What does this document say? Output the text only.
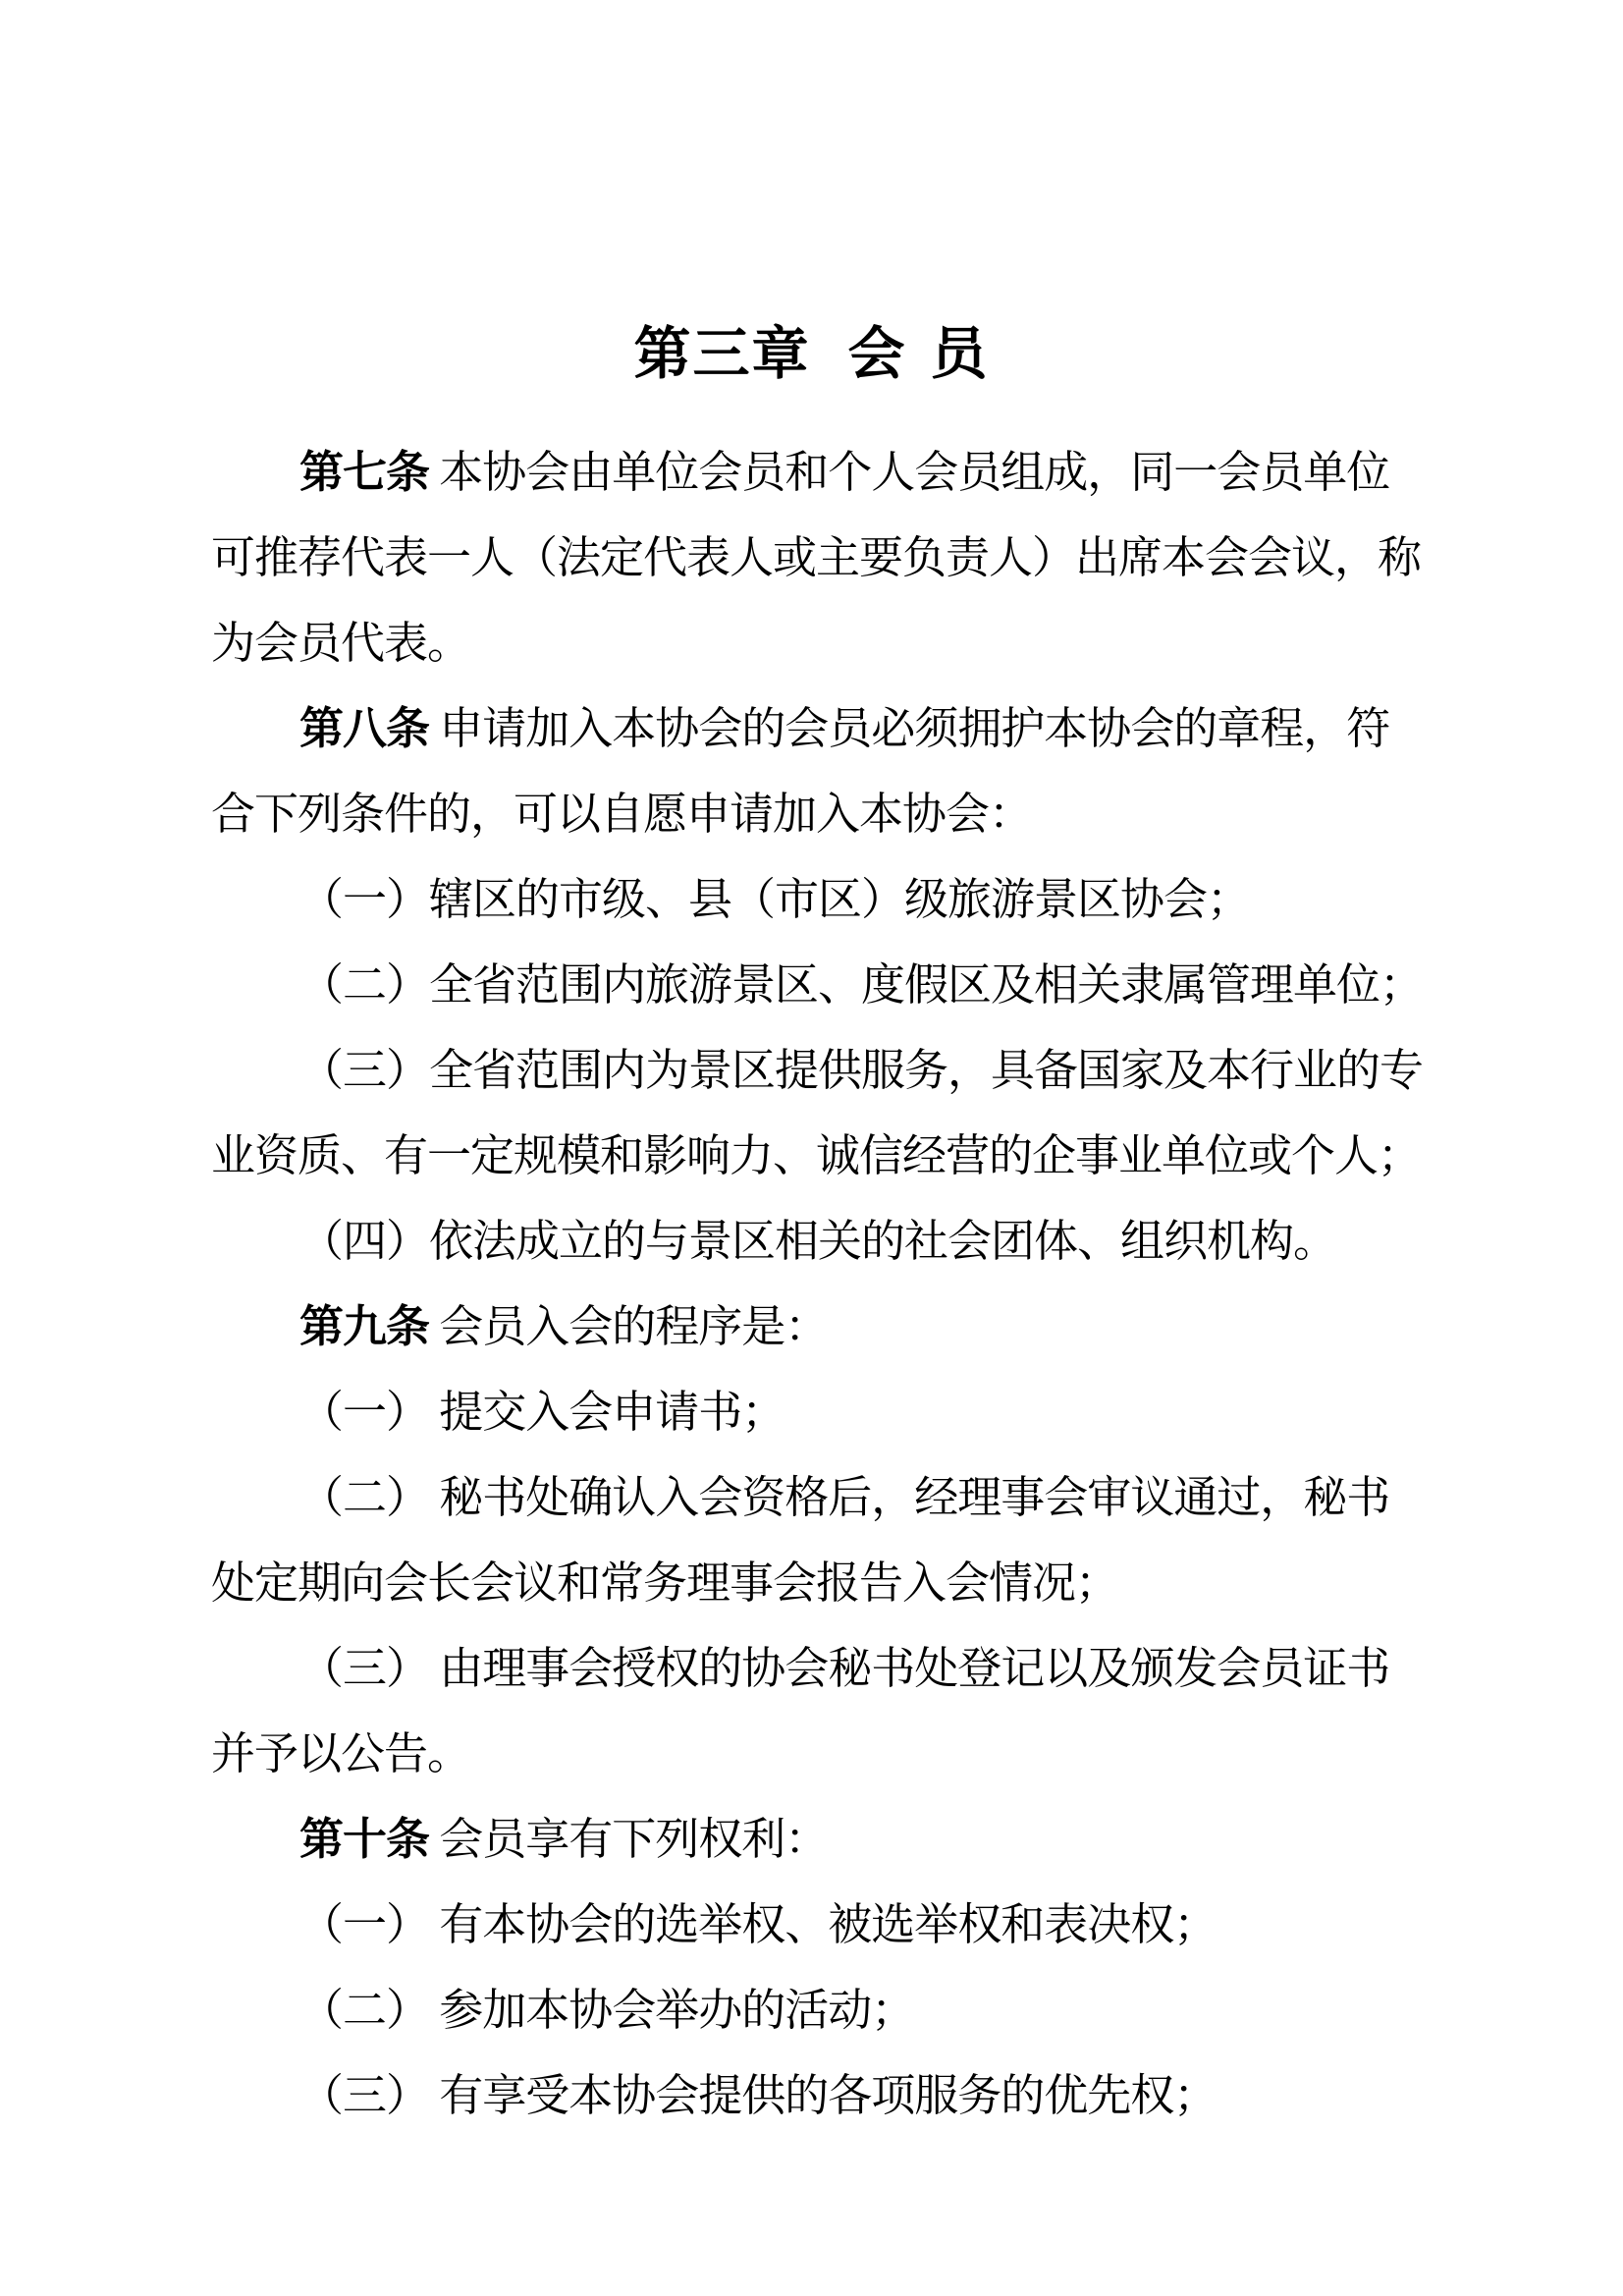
第三章 会 员
第七条 本协会由单位会员和个人会员组成，同一会员单位
可推荐代表一人（法定代表人或主要负责人）出席本会会议，称
为会员代表。
第八条 申请加入本协会的会员必须拥护本协会的章程，符
合下列条件的，可以自愿申请加入本协会：
（一）辖区的市级、县（市区）级旅游景区协会；
（二）全省范围内旅游景区、度假区及相关隶属管理单位；
（三）全省范围内为景区提供服务，具备国家及本行业的专
业资质、有一定规模和影响力、诚信经营的企事业单位或个人；
（四）依法成立的与景区相关的社会团体、组织机构。
第九条 会员入会的程序是：
（一） 提交入会申请书；
（二） 秘书处确认入会资格后，经理事会审议通过，秘书
处定期向会长会议和常务理事会报告入会情况；
（三） 由理事会授权的协会秘书处登记以及颁发会员证书
并予以公告。
第十条 会员享有下列权利：
（一） 有本协会的选举权、被选举权和表决权；
（二） 参加本协会举办的活动；
（三） 有享受本协会提供的各项服务的优先权；
